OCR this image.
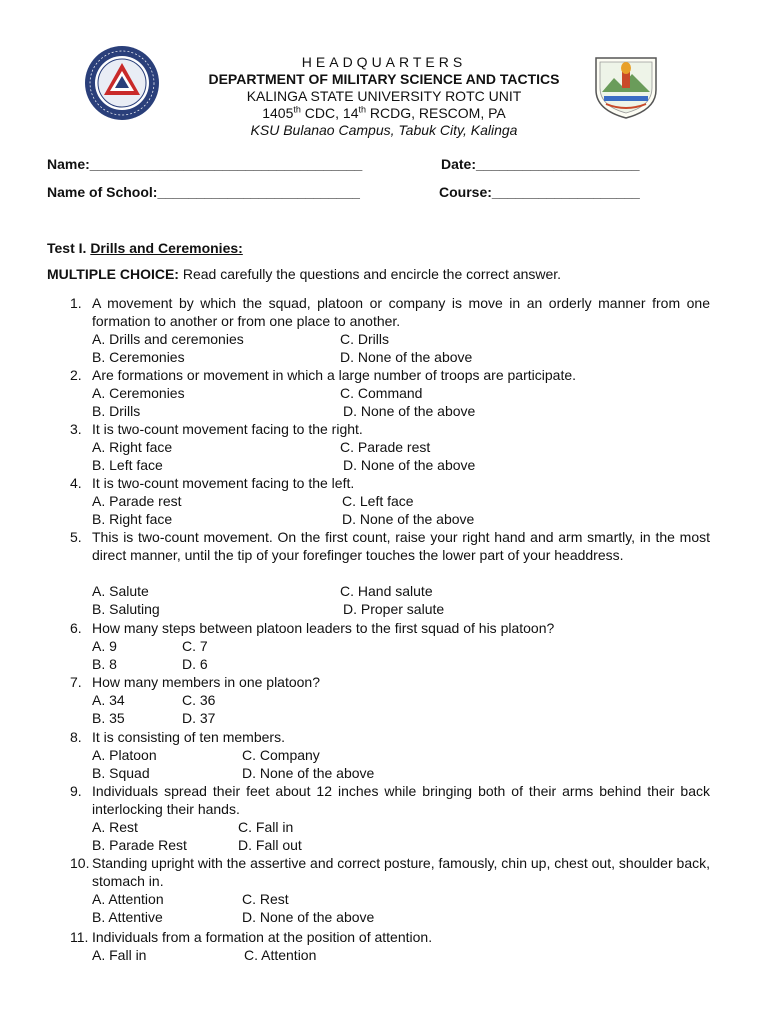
HEADQUARTERS
DEPARTMENT OF MILITARY SCIENCE AND TACTICS
KALINGA STATE UNIVERSITY ROTC UNIT
1405th CDC, 14th RCDG, RESCOM, PA
KSU Bulanao Campus, Tabuk City, Kalinga
Name:___________________________________	Date:_____________________
Name of School:__________________________	Course:___________________
Test I. Drills and Ceremonies:
MULTIPLE CHOICE: Read carefully the questions and encircle the correct answer.
1. A movement by which the squad, platoon or company is move in an orderly manner from one formation to another or from one place to another.
A. Drills and ceremonies	C. Drills
B. Ceremonies	D. None of the above
2. Are formations or movement in which a large number of troops are participate.
A. Ceremonies	C. Command
B. Drills	D. None of the above
3. It is two-count movement facing to the right.
A. Right face	C. Parade rest
B. Left face	D. None of the above
4. It is two-count movement facing to the left.
A. Parade rest	C. Left face
B. Right face	D. None of the above
5. This is two-count movement. On the first count, raise your right hand and arm smartly, in the most direct manner, until the tip of your forefinger touches the lower part of your headdress.
A. Salute	C. Hand salute
B. Saluting	D. Proper salute
6. How many steps between platoon leaders to the first squad of his platoon?
A. 9	C. 7
B. 8	D. 6
7. How many members in one platoon?
A. 34	C. 36
B. 35	D. 37
8. It is consisting of ten members.
A. Platoon	C. Company
B. Squad	D. None of the above
9. Individuals spread their feet about 12 inches while bringing both of their arms behind their back interlocking their hands.
A. Rest	C. Fall in
B. Parade Rest	D. Fall out
10. Standing upright with the assertive and correct posture, famously, chin up, chest out, shoulder back, stomach in.
A. Attention	C. Rest
B. Attentive	D. None of the above
11. Individuals from a formation at the position of attention.
A. Fall in	C. Attention
